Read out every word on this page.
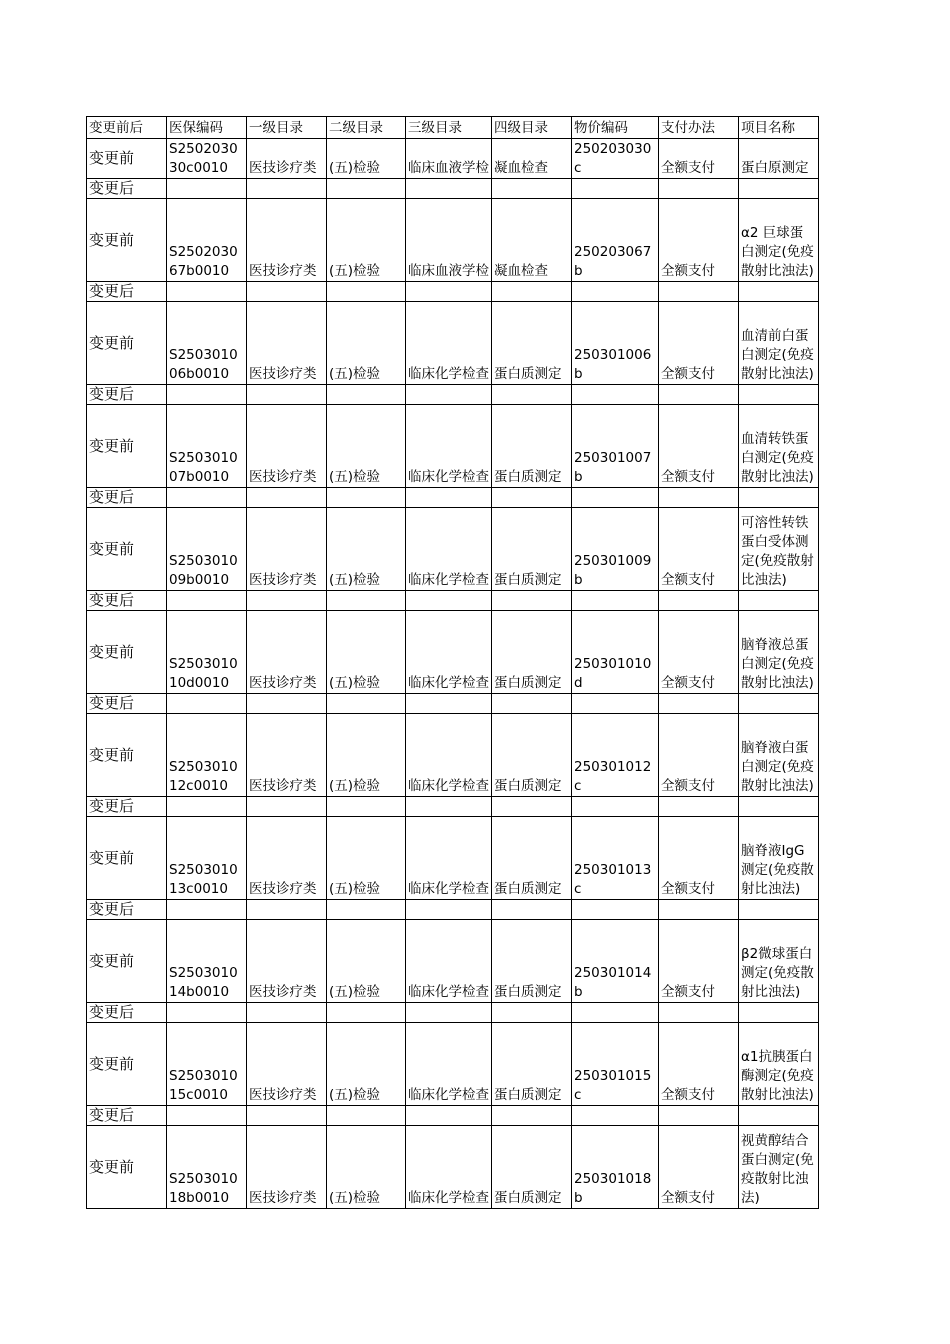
变更前后	医保编码	一级目录	二级目录	三级目录	四级目录	物价编码	支付办法	项目名称
变更前	S250203030c0010	医技诊疗类	(五)检验	临床血液学检	凝血检查	250203030c	全额支付	蛋白原测定
变更后								
变更前	S250203067b0010	医技诊疗类	(五)检验	临床血液学检	凝血检查	250203067b	全额支付	α2 巨球蛋白测定(免疫散射比浊法)
变更后								
变更前	S250301006b0010	医技诊疗类	(五)检验	临床化学检查	蛋白质测定	250301006b	全额支付	血清前白蛋白测定(免疫散射比浊法)
变更后								
变更前	S250301007b0010	医技诊疗类	(五)检验	临床化学检查	蛋白质测定	250301007b	全额支付	血清转铁蛋白测定(免疫散射比浊法)
变更后								
变更前	S250301009b0010	医技诊疗类	(五)检验	临床化学检查	蛋白质测定	250301009b	全额支付	可溶性转铁蛋白受体测定(免疫散射比浊法)
变更后								
变更前	S250301010d0010	医技诊疗类	(五)检验	临床化学检查	蛋白质测定	250301010d	全额支付	脑脊液总蛋白测定(免疫散射比浊法)
变更后								
变更前	S250301012c0010	医技诊疗类	(五)检验	临床化学检查	蛋白质测定	250301012c	全额支付	脑脊液白蛋白测定(免疫散射比浊法)
变更后								
变更前	S250301013c0010	医技诊疗类	(五)检验	临床化学检查	蛋白质测定	250301013c	全额支付	脑脊液IgG测定(免疫散射比浊法)
变更后								
变更前	S250301014b0010	医技诊疗类	(五)检验	临床化学检查	蛋白质测定	250301014b	全额支付	β2微球蛋白测定(免疫散射比浊法)
变更后								
变更前	S250301015c0010	医技诊疗类	(五)检验	临床化学检查	蛋白质测定	250301015c	全额支付	α1抗胰蛋白酶测定(免疫散射比浊法)
变更后								
变更前	S250301018b0010	医技诊疗类	(五)检验	临床化学检查	蛋白质测定	250301018b	全额支付	视黄醇结合蛋白测定(免疫散射比浊法)
